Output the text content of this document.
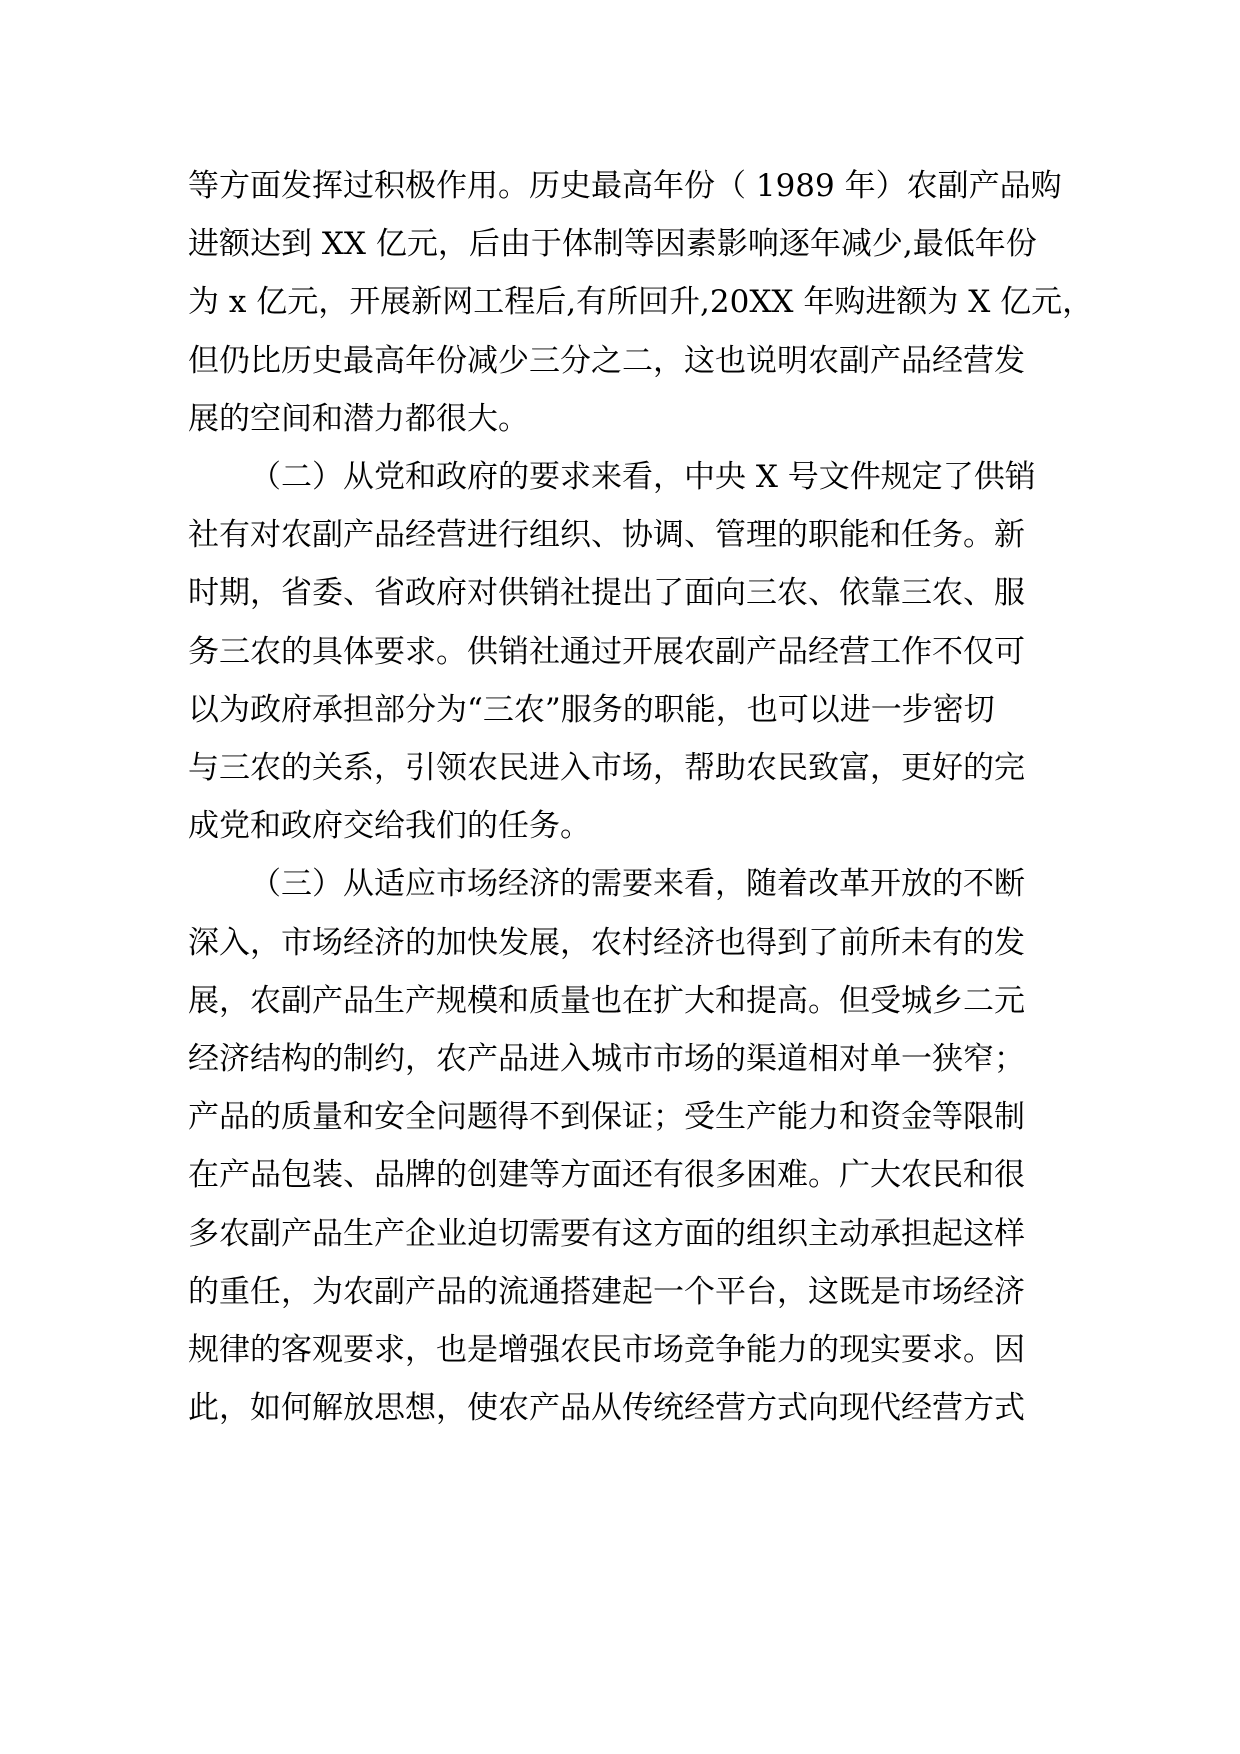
等方面发挥过积极作用。历史最高年份（ 1989 年）农副产品购
进额达到 XX 亿元，后由于体制等因素影响逐年减少,最低年份
为 x 亿元，开展新网工程后,有所回升,20XX 年购进额为 X 亿元，
但仍比历史最高年份减少三分之二，这也说明农副产品经营发
展的空间和潜力都很大。
（二）从党和政府的要求来看，中央 X 号文件规定了供销
社有对农副产品经营进行组织、协调、管理的职能和任务。新
时期，省委、省政府对供销社提出了面向三农、依靠三农、服
务三农的具体要求。供销社通过开展农副产品经营工作不仅可
以为政府承担部分为“三农”服务的职能，也可以进一步密切
与三农的关系，引领农民进入市场，帮助农民致富，更好的完
成党和政府交给我们的任务。
（三）从适应市场经济的需要来看，随着改革开放的不断
深入，市场经济的加快发展，农村经济也得到了前所未有的发
展，农副产品生产规模和质量也在扩大和提高。但受城乡二元
经济结构的制约，农产品进入城市市场的渠道相对单一狭窄；
产品的质量和安全问题得不到保证；受生产能力和资金等限制
在产品包装、品牌的创建等方面还有很多困难。广大农民和很
多农副产品生产企业迫切需要有这方面的组织主动承担起这样
的重任，为农副产品的流通搭建起一个平台，这既是市场经济
规律的客观要求，也是增强农民市场竞争能力的现实要求。因
此，如何解放思想，使农产品从传统经营方式向现代经营方式
